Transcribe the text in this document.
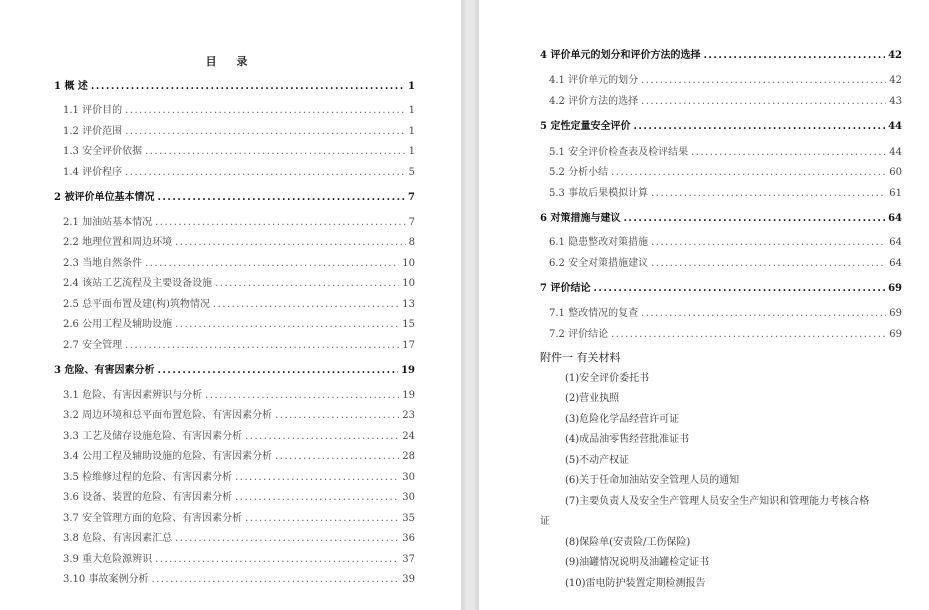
目 录
1 概 述 .....	1
1.1 评价目的 .....	1
1.2 评价范围 .....	1
1.3 安全评价依据 .....	1
1.4 评价程序 .....	5
2 被评价单位基本情况 .....	7
2.1 加油站基本情况 .....	7
2.2 地理位置和周边环境 .....	8
2.3 当地自然条件 .....	10
2.4 该站工艺流程及主要设备设施 .....	10
2.5 总平面布置及建(构)筑物情况 .....	13
2.6 公用工程及辅助设施 .....	15
2.7 安全管理 .....	17
3 危险、有害因素分析 .....	19
3.1 危险、有害因素辨识与分析 .....	19
3.2 周边环境和总平面布置危险、有害因素分析 .....	23
3.3 工艺及储存设施危险、有害因素分析 .....	24
3.4 公用工程及辅助设施的危险、有害因素分析 .....	28
3.5 检维修过程的危险、有害因素分析 .....	30
3.6 设备、装置的危险、有害因素分析 .....	30
3.7 安全管理方面的危险、有害因素分析 .....	35
3.8 危险、有害因素汇总 .....	36
3.9 重大危险源辨识 .....	37
3.10 事故案例分析 .....	39
4 评价单元的划分和评价方法的选择 .....	42
4.1 评价单元的划分 .....	42
4.2 评价方法的选择 .....	43
5 定性定量安全评价 .....	44
5.1 安全评价检查表及检评结果 .....	44
5.2 分析小结 .....	60
5.3 事故后果模拟计算 .....	61
6 对策措施与建议 .....	64
6.1 隐患整改对策措施 .....	64
6.2 安全对策措施建议 .....	64
7 评价结论 .....	69
7.1 整改情况的复查 .....	69
7.2 评价结论 .....	69
附件一 有关材料
(1)安全评价委托书
(2)营业执照
(3)危险化学品经营许可证
(4)成品油零售经营批准证书
(5)不动产权证
(6)关于任命加油站安全管理人员的通知
(7)主要负责人及安全生产管理人员安全生产知识和管理能力考核合格
证
(8)保险单(安责险/工伤保险)
(9)油罐情况说明及油罐检定证书
(10)雷电防护装置定期检测报告
